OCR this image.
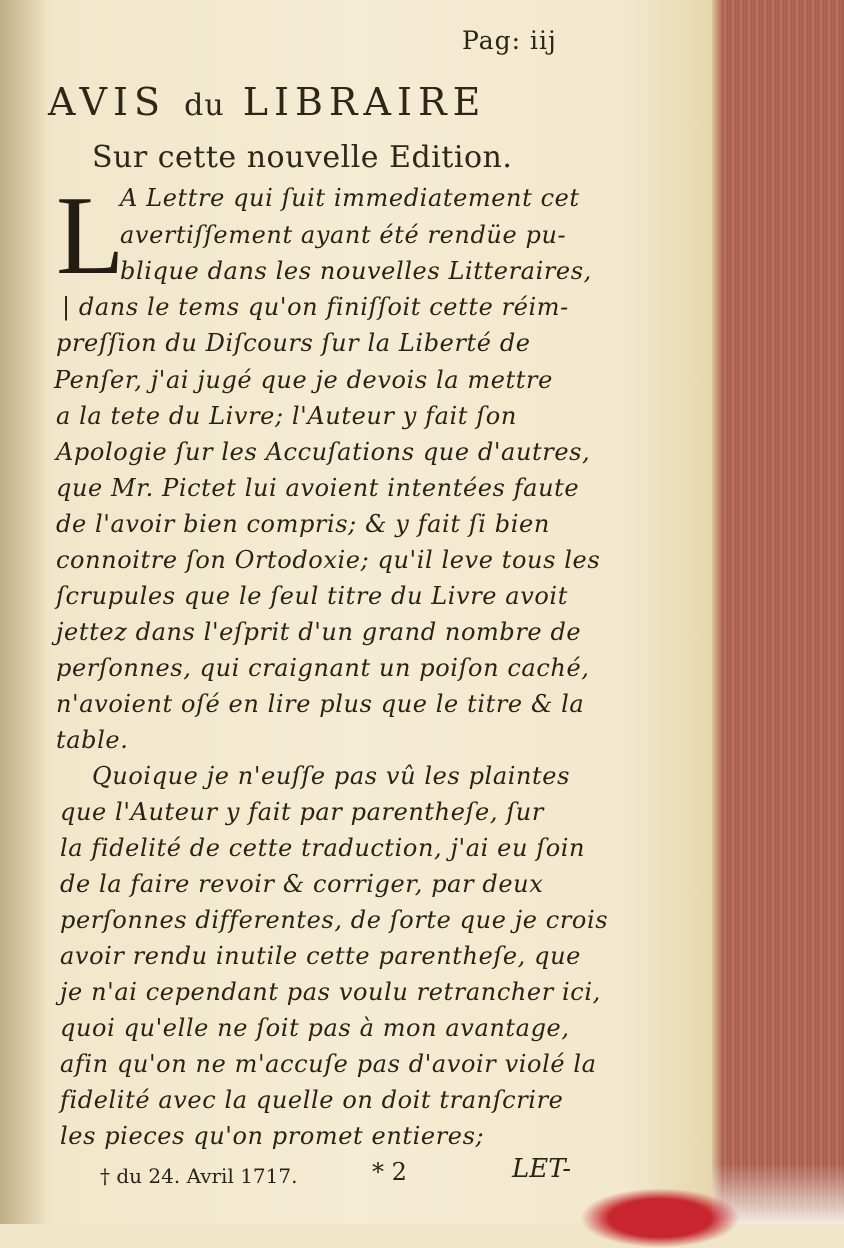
Pag: iij
AVIS du LIBRAIRE
Sur cette nouvelle Edition.
L
A Lettre qui ſuit immediatement cet
avertiſſement ayant été rendüe pu-
blique dans les nouvelles Litteraires,
| dans le tems qu'on finiſſoit cette réim-
preſſion du Diſcours ſur la Liberté de
Penſer, j'ai jugé que je devois la mettre
a la tete du Livre; l'Auteur y fait ſon
Apologie ſur les Accuſations que d'autres,
que Mr. Pictet lui avoient intentées faute
de l'avoir bien compris; & y fait ſi bien
connoitre ſon Ortodoxie; qu'il leve tous les
ſcrupules que le ſeul titre du Livre avoit
jettez dans l'eſprit d'un grand nombre de
perſonnes, qui craignant un poiſon caché,
n'avoient oſé en lire plus que le titre & la
table.
Quoique je n'euſſe pas vû les plaintes
que l'Auteur y fait par parentheſe, ſur
la fidelité de cette traduction, j'ai eu ſoin
de la faire revoir & corriger, par deux
perſonnes differentes, de ſorte que je crois
avoir rendu inutile cette parentheſe, que
je n'ai cependant pas voulu retrancher ici,
quoi qu'elle ne ſoit pas à mon avantage,
afin qu'on ne m'accuſe pas d'avoir violé la
fidelité avec la quelle on doit tranſcrire
les pieces qu'on promet entieres;
† du 24. Avril 1717.	* 2	LET-
